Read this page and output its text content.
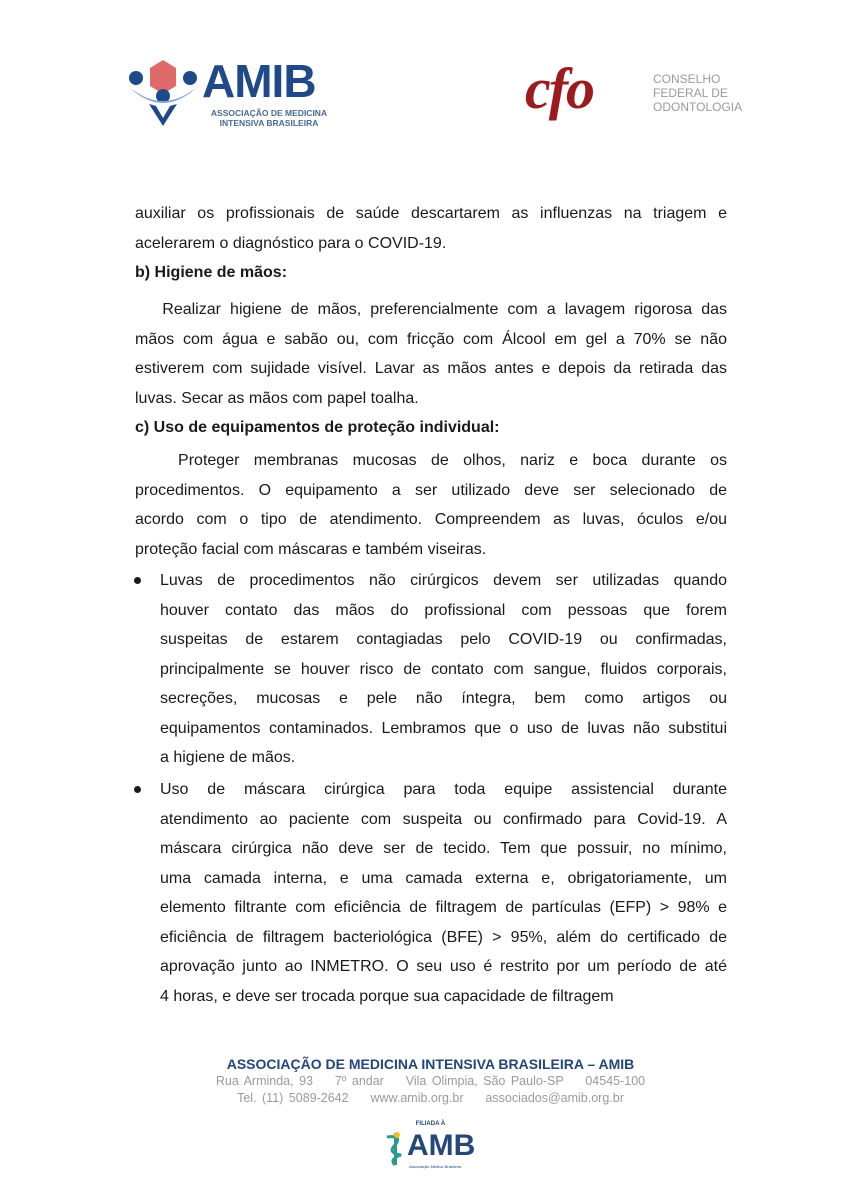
AMIB
ASSOCIAÇÃO DE MEDICINA
INTENSIVA BRASILEIRA
cfo	CONSELHO
FEDERAL DE
ODONTOLOGIA
auxiliar os profissionais de saúde descartarem as influenzas na triagem e
acelerarem o diagnóstico para o COVID-19.
b) Higiene de mãos:
Realizar higiene de mãos, preferencialmente com a lavagem rigorosa das
mãos com água e sabão ou, com fricção com Álcool em gel a 70% se não
estiverem com sujidade visível. Lavar as mãos antes e depois da retirada das
luvas. Secar as mãos com papel toalha.
c) Uso de equipamentos de proteção individual:
Proteger membranas mucosas de olhos, nariz e boca durante os
procedimentos. O equipamento a ser utilizado deve ser selecionado de
acordo com o tipo de atendimento. Compreendem as luvas, óculos e/ou
proteção facial com máscaras e também viseiras.
Luvas de procedimentos não cirúrgicos devem ser utilizadas quando
houver contato das mãos do profissional com pessoas que forem
suspeitas de estarem contagiadas pelo COVID-19 ou confirmadas,
principalmente se houver risco de contato com sangue, fluidos corporais,
secreções, mucosas e pele não íntegra, bem como artigos ou
equipamentos contaminados. Lembramos que o uso de luvas não substitui
a higiene de mãos.
Uso de máscara cirúrgica para toda equipe assistencial durante
atendimento ao paciente com suspeita ou confirmado para Covid-19. A
máscara cirúrgica não deve ser de tecido. Tem que possuir, no mínimo,
uma camada interna, e uma camada externa e, obrigatoriamente, um
elemento filtrante com eficiência de filtragem de partículas (EFP) > 98% e
eficiência de filtragem bacteriológica (BFE) > 95%, além do certificado de
aprovação junto ao INMETRO. O seu uso é restrito por um período de até
4 horas, e deve ser trocada porque sua capacidade de filtragem
ASSOCIAÇÃO DE MEDICINA INTENSIVA BRASILEIRA – AMIB
Rua Arminda, 93    7º andar    Vila Olimpia, São Paulo-SP    04545-100
Tel. (11) 5089-2642    www.amib.org.br    associados@amib.org.br
FILIADA À
AMB
Associação Médica Brasileira
